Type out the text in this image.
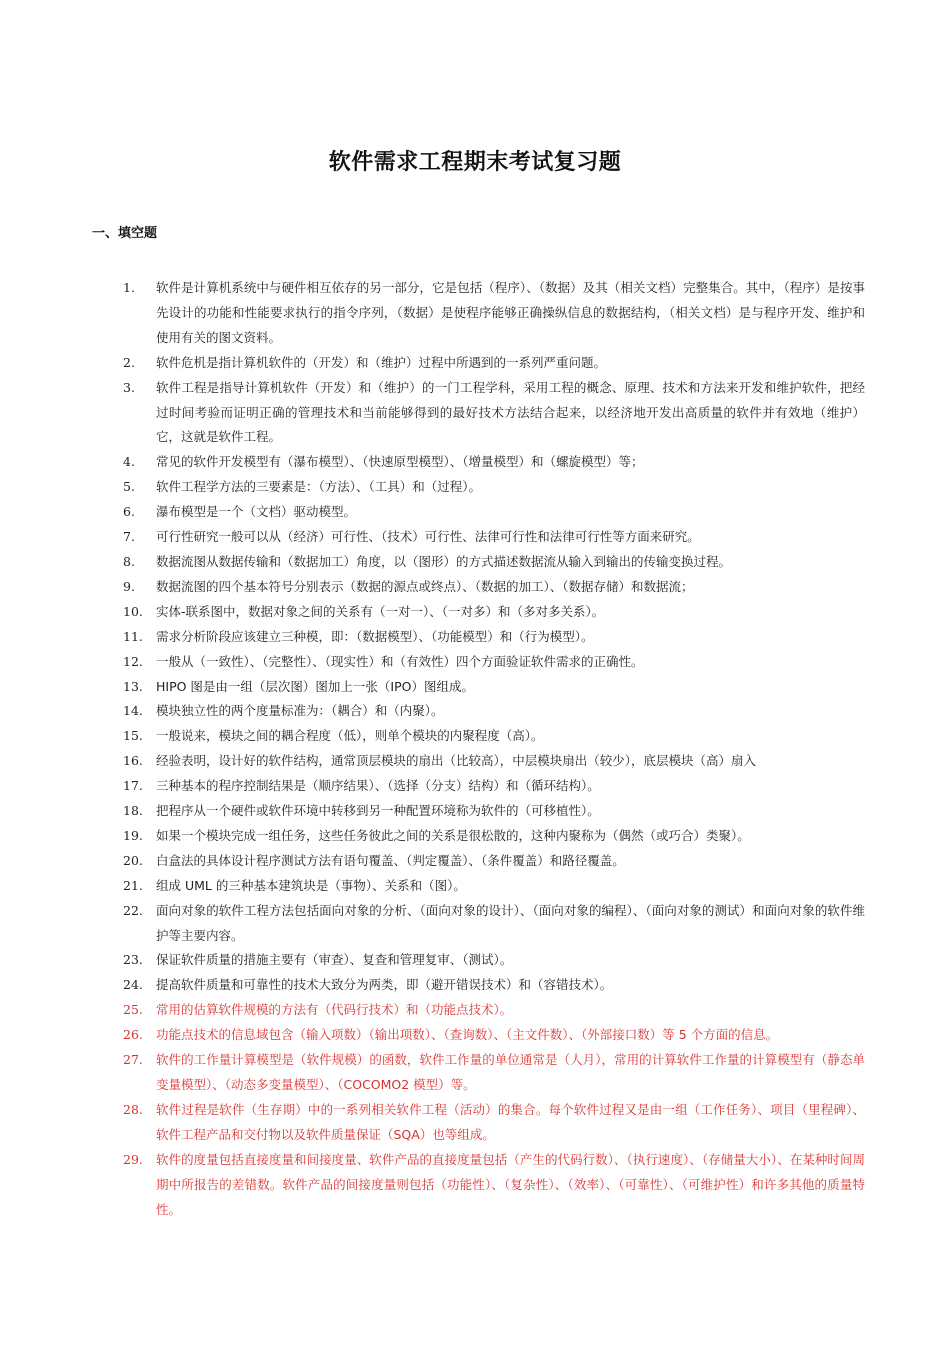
软件需求工程期末考试复习题
一、填空题
1.	软件是计算机系统中与硬件相互依存的另一部分，它是包括（程序）、（数据）及其（相关文档）完整集合。其中，（程序）是按事先设计的功能和性能要求执行的指令序列，（数据）是使程序能够正确操纵信息的数据结构，（相关文档）是与程序开发、维护和使用有关的图文资料。
2.	软件危机是指计算机软件的（开发）和（维护）过程中所遇到的一系列严重问题。
3.	软件工程是指导计算机软件（开发）和（维护）的一门工程学科，采用工程的概念、原理、技术和方法来开发和维护软件，把经过时间考验而证明正确的管理技术和当前能够得到的最好技术方法结合起来，以经济地开发出高质量的软件并有效地（维护）它，这就是软件工程。
4.	常见的软件开发模型有（瀑布模型）、（快速原型模型）、（增量模型）和（螺旋模型）等；
5.	软件工程学方法的三要素是：（方法）、（工具）和（过程）。
6.	瀑布模型是一个（文档）驱动模型。
7.	可行性研究一般可以从（经济）可行性、（技术）可行性、法律可行性和法律可行性等方面来研究。
8.	数据流图从数据传输和（数据加工）角度，以（图形）的方式描述数据流从输入到输出的传输变换过程。
9.	数据流图的四个基本符号分别表示（数据的源点或终点）、（数据的加工）、（数据存储）和数据流；
10.	实体-联系图中，数据对象之间的关系有（一对一）、（一对多）和（多对多关系）。
11.	需求分析阶段应该建立三种模，即：（数据模型）、（功能模型）和（行为模型）。
12.	一般从（一致性）、（完整性）、（现实性）和（有效性）四个方面验证软件需求的正确性。
13.	HIPO 图是由一组（层次图）图加上一张（IPO）图组成。
14.	模块独立性的两个度量标准为：（耦合）和（内聚）。
15.	一般说来，模块之间的耦合程度（低），则单个模块的内聚程度（高）。
16.	经验表明，设计好的软件结构，通常顶层模块的扇出（比较高），中层模块扇出（较少），底层模块（高）扇入
17.	三种基本的程序控制结果是（顺序结果）、（选择（分支）结构）和（循环结构）。
18.	把程序从一个硬件或软件环境中转移到另一种配置环境称为软件的（可移植性）。
19.	如果一个模块完成一组任务，这些任务彼此之间的关系是很松散的，这种内聚称为（偶然（或巧合）类聚）。
20.	白盒法的具体设计程序测试方法有语句覆盖、（判定覆盖）、（条件覆盖）和路径覆盖。
21.	组成 UML 的三种基本建筑块是（事物）、关系和（图）。
22.	面向对象的软件工程方法包括面向对象的分析、（面向对象的设计）、（面向对象的编程）、（面向对象的测试）和面向对象的软件维护等主要内容。
23.	保证软件质量的措施主要有（审查）、复查和管理复审、（测试）。
24.	提高软件质量和可靠性的技术大致分为两类，即（避开错误技术）和（容错技术）。
25.	常用的估算软件规模的方法有（代码行技术）和（功能点技术）。
26.	功能点技术的信息域包含（输入项数）（输出项数）、（查询数）、（主文件数）、（外部接口数）等 5 个方面的信息。
27.	软件的工作量计算模型是（软件规模）的函数，软件工作量的单位通常是（人月），常用的计算软件工作量的计算模型有（静态单变量模型）、（动态多变量模型）、（COCOMO2 模型）等。
28.	软件过程是软件（生存期）中的一系列相关软件工程（活动）的集合。每个软件过程又是由一组（工作任务）、项目（里程碑）、软件工程产品和交付物以及软件质量保证（SQA）也等组成。
29.	软件的度量包括直接度量和间接度量、软件产品的直接度量包括（产生的代码行数）、（执行速度）、（存储量大小）、在某种时间周期中所报告的差错数。软件产品的间接度量则包括（功能性）、（复杂性）、（效率）、（可靠性）、（可维护性）和许多其他的质量特性。
